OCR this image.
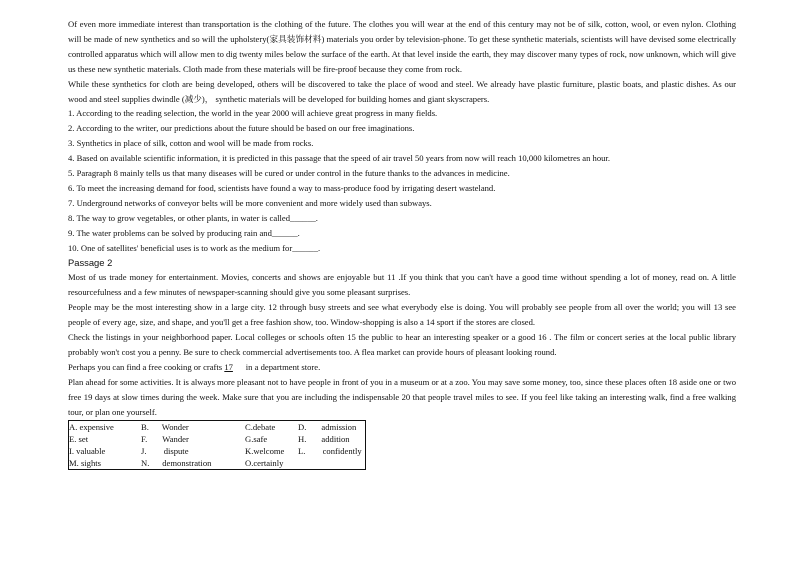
Of even more immediate interest than transportation is the clothing of the future. The clothes you will wear at the end of this century may not be of silk, cotton, wool, or even nylon. Clothing will be made of new synthetics and so will the upholstery(家具装饰材料) materials you order by television-phone. To get these synthetic materials, scientists will have devised some electrically controlled apparatus which will allow men to dig twenty miles below the surface of the earth. At that level inside the earth, they may discover many types of rock, now unknown, which will give us these new synthetic materials. Cloth made from these materials will be fire-proof because they come from rock.

While these synthetics for cloth are being developed, others will be discovered to take the place of wood and steel. We already have plastic furniture, plastic boats, and plastic dishes. As our wood and steel supplies dwindle (减少)， synthetic materials will be developed for building homes and giant skyscrapers.

1. According to the reading selection, the world in the year 2000 will achieve great progress in many fields.

2. According to the writer, our predictions about the future should be based on our free imaginations.

3. Synthetics in place of silk, cotton and wool will be made from rocks.

4. Based on available scientific information, it is predicted in this passage that the speed of air travel 50 years from now will reach 10,000 kilometres an hour.

5. Paragraph 8 mainly tells us that many diseases will be cured or under control in the future thanks to the advances in medicine.

6. To meet the increasing demand for food, scientists have found a way to mass-produce food by irrigating desert wasteland.

7. Underground networks of conveyor belts will be more convenient and more widely used than subways.

8. The way to grow vegetables, or other plants, in water is called______.

9. The water problems can be solved by producing rain and______.

10. One of satellites' beneficial uses is to work as the medium for______.

Passage 2

Most of us trade money for entertainment. Movies, concerts and shows are enjoyable but 11 .If you think that you can't have a good time without spending a lot of money, read on. A little resourcefulness and a few minutes of newspaper-scanning should give you some pleasant surprises.

People may be the most interesting show in a large city. 12 through busy streets and see what everybody else is doing. You will probably see people from all over the world; you will 13 see people of every age, size, and shape, and you'll get a free fashion show, too. Window-shopping is also a 14 sport if the stores are closed.

Check the listings in your neighborhood paper. Local colleges or schools often 15 the public to hear an interesting speaker or a good 16 . The film or concert series at the local public library probably won't cost you a penny. Be sure to check commercial advertisements too. A flea market can provide hours of pleasant looking round.

Perhaps you can find a free cooking or crafts 17      in a department store.

Plan ahead for some activities. It is always more pleasant not to have people in front of you in a museum or at a zoo. You may save some money, too, since these places often 18 aside one or two free 19 days at slow times during the week. Make sure that you are including the indispensable 20 that people travel miles to see. If you feel like taking an interesting walk, find a free walking tour, or plan one yourself.

A. expensive	B. Wonder	C.debate	D. admission
E. set	F. Wander	G.safe	H. addition
I. valuable	J. dispute	K.welcome	L. confidently
M. sights	N. demonstration	O.certainly	
